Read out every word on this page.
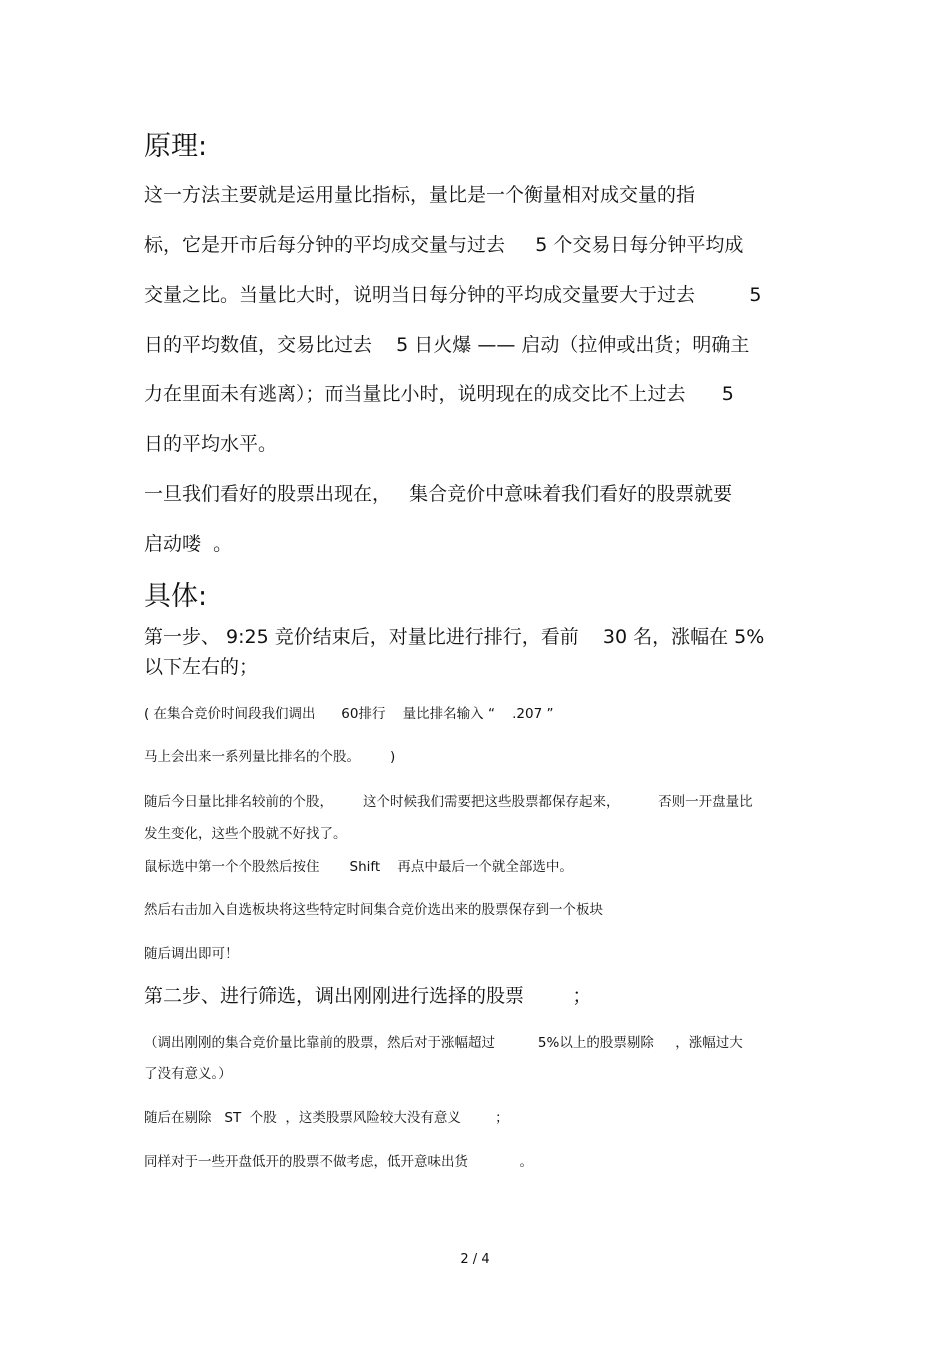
原理:

这一方法主要就是运用量比指标，量比是一个衡量相对成交量的指

标，它是开市后每分钟的平均成交量与过去     5 个交易日每分钟平均成

交量之比。当量比大时，说明当日每分钟的平均成交量要大于过去         5

日的平均数值，交易比过去    5 日火爆 —— 启动（拉伸或出货；明确主

力在里面未有逃离）；而当量比小时，说明现在的成交比不上过去      5

日的平均水平。

一旦我们看好的股票出现在，   集合竞价中意味着我们看好的股票就要

启动喽  。

具体:

第一步、 9:25 竞价结束后，对量比进行排行，看前    30 名，涨幅在 5%

以下左右的；

( 在集合竞价时间段我们调出      60排行    量比排名输入 “    .207 ”

马上会出来一系列量比排名的个股。       )

随后今日量比排名较前的个股，       这个时候我们需要把这些股票都保存起来，         否则一开盘量比

发生变化，这些个股就不好找了。

鼠标选中第一个个股然后按住       Shift    再点中最后一个就全部选中。

然后右击加入自选板块将这些特定时间集合竞价选出来的股票保存到一个板块

随后调出即可！

第二步、进行筛选，调出刚刚进行选择的股票        ；

（调出刚刚的集合竞价量比靠前的股票，然后对于涨幅超过          5%以上的股票剔除     ，涨幅过大

了没有意义。）

随后在剔除   ST  个股  ，这类股票风险较大没有意义        ；

同样对于一些开盘低开的股票不做考虑，低开意味出货            。

2 / 4
